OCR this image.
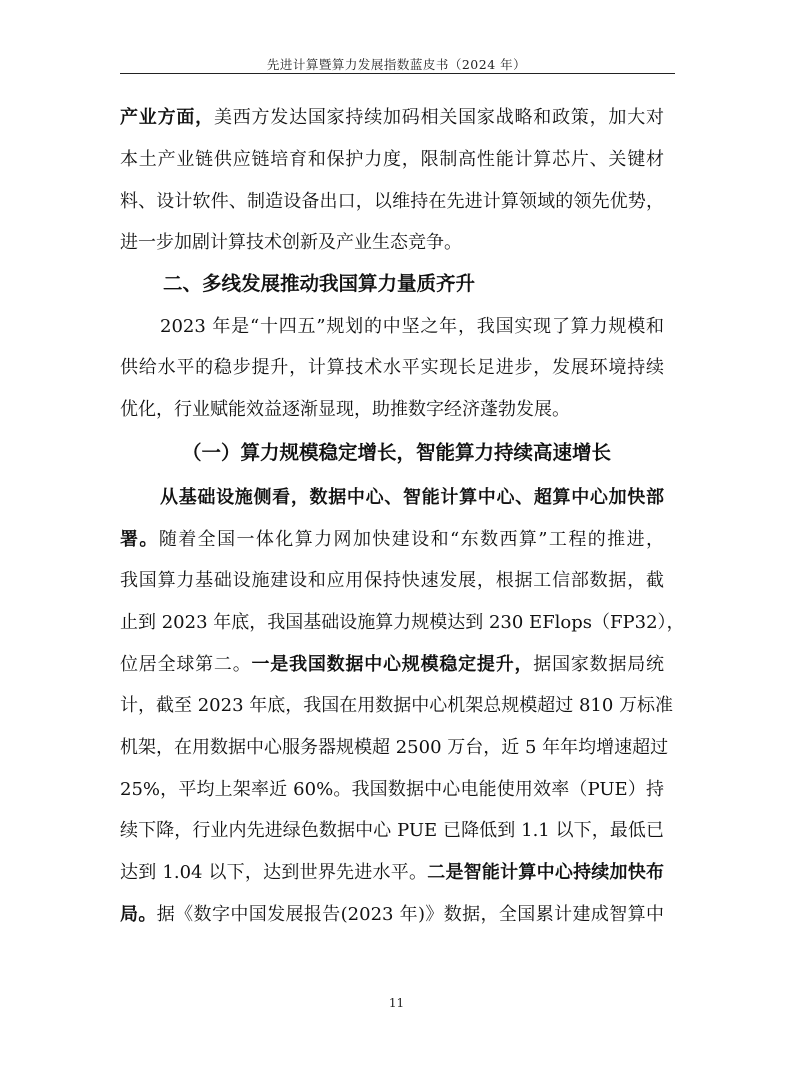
先进计算暨算力发展指数蓝皮书（2024 年）
产业方面，美西方发达国家持续加码相关国家战略和政策，加大对
本土产业链供应链培育和保护力度，限制高性能计算芯片、关键材
料、设计软件、制造设备出口，以维持在先进计算领域的领先优势，
进一步加剧计算技术创新及产业生态竞争。
二、多线发展推动我国算力量质齐升
2023 年是“十四五”规划的中坚之年，我国实现了算力规模和
供给水平的稳步提升，计算技术水平实现长足进步，发展环境持续
优化，行业赋能效益逐渐显现，助推数字经济蓬勃发展。
（一）算力规模稳定增长，智能算力持续高速增长
从基础设施侧看，数据中心、智能计算中心、超算中心加快部
署。随着全国一体化算力网加快建设和“东数西算”工程的推进，
我国算力基础设施建设和应用保持快速发展，根据工信部数据，截
止到 2023 年底，我国基础设施算力规模达到 230 EFlops（FP32），
位居全球第二。一是我国数据中心规模稳定提升，据国家数据局统
计，截至 2023 年底，我国在用数据中心机架总规模超过 810 万标准
机架，在用数据中心服务器规模超 2500 万台，近 5 年年均增速超过
25%，平均上架率近 60%。我国数据中心电能使用效率（PUE）持
续下降，行业内先进绿色数据中心 PUE 已降低到 1.1 以下，最低已
达到 1.04 以下，达到世界先进水平。二是智能计算中心持续加快布
局。据《数字中国发展报告(2023 年)》数据，全国累计建成智算中
11
